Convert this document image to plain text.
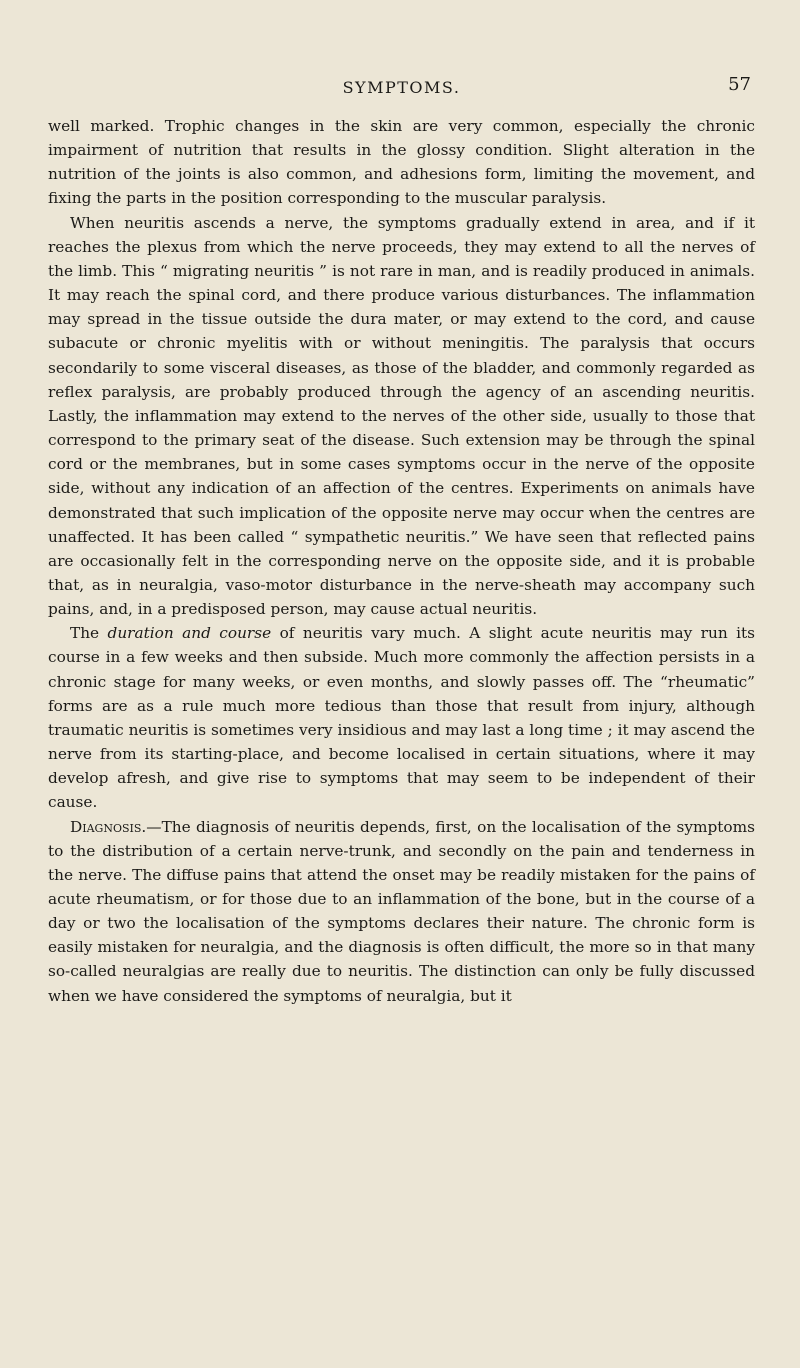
SYMPTOMS.	57

well marked. Trophic changes in the skin are very common, especially the chronic impairment of nutrition that results in the glossy condition. Slight alteration in the nutrition of the joints is also common, and adhesions form, limiting the movement, and fixing the parts in the position corresponding to the muscular paralysis.

When neuritis ascends a nerve, the symptoms gradually extend in area, and if it reaches the plexus from which the nerve proceeds, they may extend to all the nerves of the limb. This “ migrating neuritis ” is not rare in man, and is readily produced in animals. It may reach the spinal cord, and there produce various disturbances. The inflammation may spread in the tissue outside the dura mater, or may extend to the cord, and cause subacute or chronic myelitis with or without meningitis. The paralysis that occurs secondarily to some visceral diseases, as those of the bladder, and commonly regarded as reflex paralysis, are probably produced through the agency of an ascending neuritis. Lastly, the inflammation may extend to the nerves of the other side, usually to those that correspond to the primary seat of the disease. Such extension may be through the spinal cord or the membranes, but in some cases symptoms occur in the nerve of the opposite side, without any indication of an affection of the centres. Experiments on animals have demonstrated that such implication of the opposite nerve may occur when the centres are unaffected. It has been called “ sympathetic neuritis.” We have seen that reflected pains are occasionally felt in the corresponding nerve on the opposite side, and it is probable that, as in neuralgia, vaso-motor disturbance in the nerve-sheath may accompany such pains, and, in a predisposed person, may cause actual neuritis.

The duration and course of neuritis vary much. A slight acute neuritis may run its course in a few weeks and then subside. Much more commonly the affection persists in a chronic stage for many weeks, or even months, and slowly passes off. The “rheumatic” forms are as a rule much more tedious than those that result from injury, although traumatic neuritis is sometimes very insidious and may last a long time ; it may ascend the nerve from its starting-place, and become localised in certain situations, where it may develop afresh, and give rise to symptoms that may seem to be independent of their cause.

Diagnosis.—The diagnosis of neuritis depends, first, on the localisation of the symptoms to the distribution of a certain nerve-trunk, and secondly on the pain and tenderness in the nerve. The diffuse pains that attend the onset may be readily mistaken for the pains of acute rheumatism, or for those due to an inflammation of the bone, but in the course of a day or two the localisation of the symptoms declares their nature. The chronic form is easily mistaken for neuralgia, and the diagnosis is often difficult, the more so in that many so-called neuralgias are really due to neuritis. The distinction can only be fully discussed when we have considered the symptoms of neuralgia, but it
